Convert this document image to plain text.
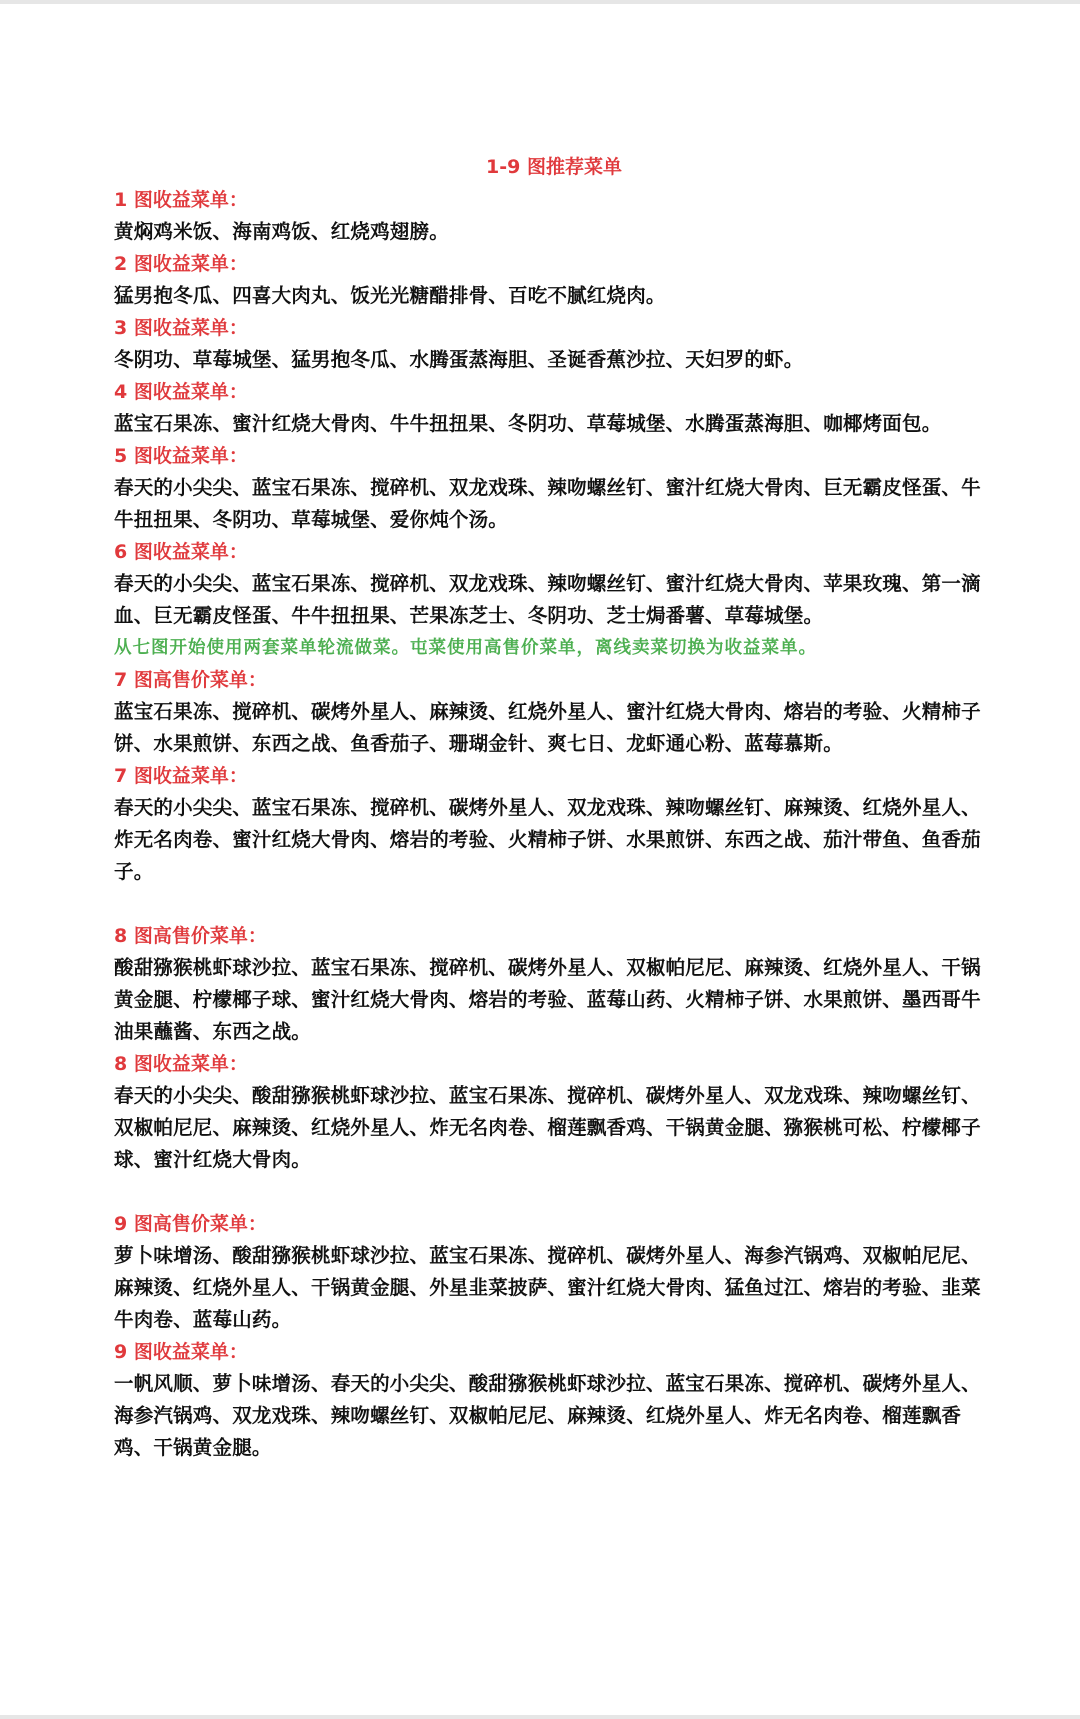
1-9 图推荐菜单
1 图收益菜单：
黄焖鸡米饭、海南鸡饭、红烧鸡翅膀。
2 图收益菜单：
猛男抱冬瓜、四喜大肉丸、饭光光糖醋排骨、百吃不腻红烧肉。
3 图收益菜单：
冬阴功、草莓城堡、猛男抱冬瓜、水腾蛋蒸海胆、圣诞香蕉沙拉、天妇罗的虾。
4 图收益菜单：
蓝宝石果冻、蜜汁红烧大骨肉、牛牛扭扭果、冬阴功、草莓城堡、水腾蛋蒸海胆、咖椰烤面包。
5 图收益菜单：
春天的小尖尖、蓝宝石果冻、搅碎机、双龙戏珠、辣吻螺丝钉、蜜汁红烧大骨肉、巨无霸皮怪蛋、牛牛扭扭果、冬阴功、草莓城堡、爱你炖个汤。
6 图收益菜单：
春天的小尖尖、蓝宝石果冻、搅碎机、双龙戏珠、辣吻螺丝钉、蜜汁红烧大骨肉、苹果玫瑰、第一滴血、巨无霸皮怪蛋、牛牛扭扭果、芒果冻芝士、冬阴功、芝士焗番薯、草莓城堡。
从七图开始使用两套菜单轮流做菜。屯菜使用高售价菜单，离线卖菜切换为收益菜单。
7 图高售价菜单：
蓝宝石果冻、搅碎机、碳烤外星人、麻辣烫、红烧外星人、蜜汁红烧大骨肉、熔岩的考验、火精柿子饼、水果煎饼、东西之战、鱼香茄子、珊瑚金针、爽七日、龙虾通心粉、蓝莓慕斯。
7 图收益菜单：
春天的小尖尖、蓝宝石果冻、搅碎机、碳烤外星人、双龙戏珠、辣吻螺丝钉、麻辣烫、红烧外星人、炸无名肉卷、蜜汁红烧大骨肉、熔岩的考验、火精柿子饼、水果煎饼、东西之战、茄汁带鱼、鱼香茄子。
8 图高售价菜单：
酸甜猕猴桃虾球沙拉、蓝宝石果冻、搅碎机、碳烤外星人、双椒帕尼尼、麻辣烫、红烧外星人、干锅黄金腿、柠檬椰子球、蜜汁红烧大骨肉、熔岩的考验、蓝莓山药、火精柿子饼、水果煎饼、墨西哥牛油果蘸酱、东西之战。
8 图收益菜单：
春天的小尖尖、酸甜猕猴桃虾球沙拉、蓝宝石果冻、搅碎机、碳烤外星人、双龙戏珠、辣吻螺丝钉、双椒帕尼尼、麻辣烫、红烧外星人、炸无名肉卷、榴莲飘香鸡、干锅黄金腿、猕猴桃可松、柠檬椰子球、蜜汁红烧大骨肉。
9 图高售价菜单：
萝卜味增汤、酸甜猕猴桃虾球沙拉、蓝宝石果冻、搅碎机、碳烤外星人、海参汽锅鸡、双椒帕尼尼、麻辣烫、红烧外星人、干锅黄金腿、外星韭菜披萨、蜜汁红烧大骨肉、猛鱼过江、熔岩的考验、韭菜牛肉卷、蓝莓山药。
9 图收益菜单：
一帆风顺、萝卜味增汤、春天的小尖尖、酸甜猕猴桃虾球沙拉、蓝宝石果冻、搅碎机、碳烤外星人、海参汽锅鸡、双龙戏珠、辣吻螺丝钉、双椒帕尼尼、麻辣烫、红烧外星人、炸无名肉卷、榴莲飘香鸡、干锅黄金腿。
